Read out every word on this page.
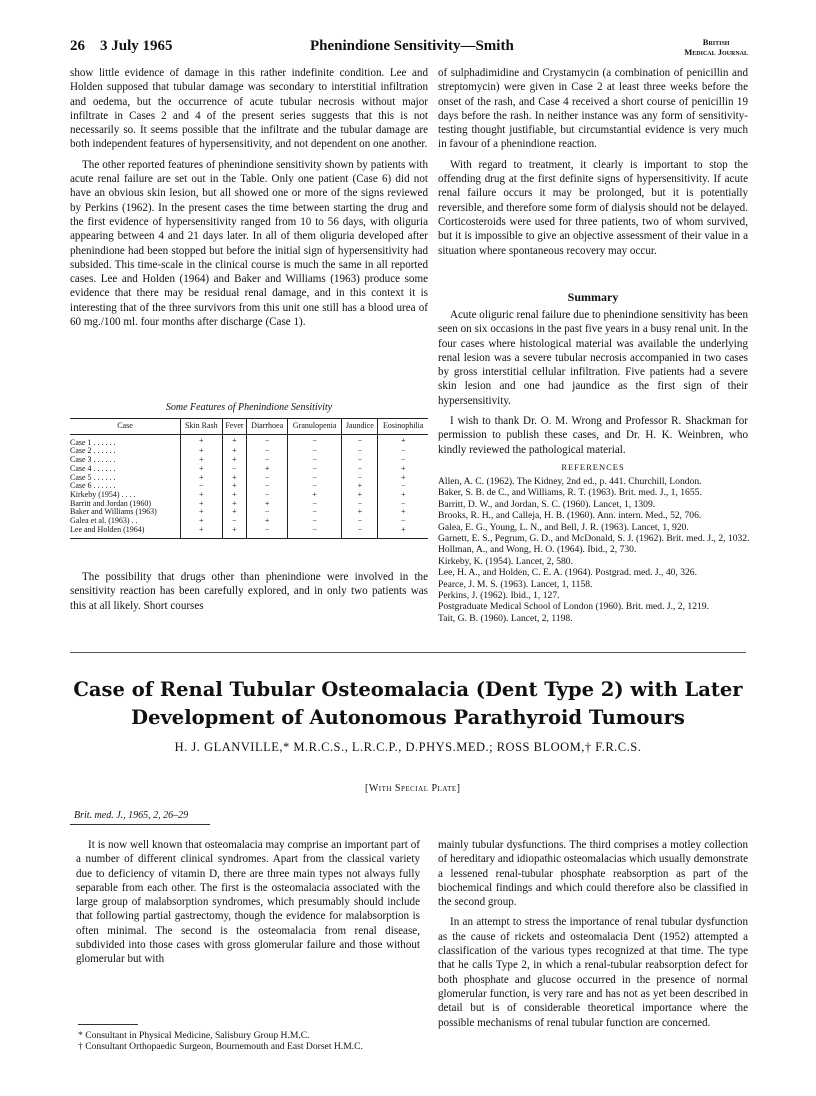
26 3 July 1965	Phenindione Sensitivity—Smith	British
Medical Journal

show little evidence of damage in this rather indefinite condition. Lee and Holden supposed that tubular damage was secondary to interstitial infiltration and oedema, but the occurrence of acute tubular necrosis without major infiltrate in Cases 2 and 4 of the present series suggests that this is not necessarily so. It seems possible that the infiltrate and the tubular damage are both independent features of hypersensitivity, and not dependent on one another.

The other reported features of phenindione sensitivity shown by patients with acute renal failure are set out in the Table. Only one patient (Case 6) did not have an obvious skin lesion, but all showed one or more of the signs reviewed by Perkins (1962). In the present cases the time between starting the drug and the first evidence of hypersensitivity ranged from 10 to 56 days, with oliguria appearing between 4 and 21 days later. In all of them oliguria developed after phenindione had been stopped but before the initial sign of hypersensitivity had subsided. This time-scale in the clinical course is much the same in all reported cases. Lee and Holden (1964) and Baker and Williams (1963) produce some evidence that there may be residual renal damage, and in this context it is interesting that of the three survivors from this unit one still has a blood urea of 60 mg./100 ml. four months after discharge (Case 1).

Some Features of Phenindione Sensitivity
Case	Skin Rash	Fever	Diarrhoea	Granulopenia	Jaundice	Eosinophilia
Case 1 . . . . . .	+	+	−	−	−	+
Case 2 . . . . . .	+	+	−	−	−	−
Case 3 . . . . . .	+	+	−	−	−	−
Case 4 . . . . . .	+	−	+	−	−	+
Case 5 . . . . . .	+	+	−	−	−	+
Case 6 . . . . . .	−	+	−	−	+	−
Kirkeby (1954) . . . .	+	+	−	+	+	+
Barritt and Jordan (1960)	+	+	+	−	−	−
Baker and Williams (1963)	+	+	−	−	+	+
Galea et al. (1963) . .	+	−	+	−	−	−
Lee and Holden (1964)	+	+	−	−	−	+

The possibility that drugs other than phenindione were involved in the sensitivity reaction has been carefully explored, and in only two patients was this at all likely. Short courses

of sulphadimidine and Crystamycin (a combination of penicillin and streptomycin) were given in Case 2 at least three weeks before the onset of the rash, and Case 4 received a short course of penicillin 19 days before the rash. In neither instance was any form of sensitivity-testing thought justifiable, but circumstantial evidence is very much in favour of a phenindione reaction.

With regard to treatment, it clearly is important to stop the offending drug at the first definite signs of hypersensitivity. If acute renal failure occurs it may be prolonged, but it is potentially reversible, and therefore some form of dialysis should not be delayed. Corticosteroids were used for three patients, two of whom survived, but it is impossible to give an objective assessment of their value in a situation where spontaneous recovery may occur.

Summary

Acute oliguric renal failure due to phenindione sensitivity has been seen on six occasions in the past five years in a busy renal unit. In the four cases where histological material was available the underlying renal lesion was a severe tubular necrosis accompanied in two cases by gross interstitial cellular infiltration. Five patients had a severe skin lesion and one had jaundice as the first sign of their hypersensitivity.

I wish to thank Dr. O. M. Wrong and Professor R. Shackman for permission to publish these cases, and Dr. H. K. Weinbren, who kindly reviewed the pathological material.

REFERENCES
Allen, A. C. (1962). The Kidney, 2nd ed., p. 441. Churchill, London.
Baker, S. B. de C., and Williams, R. T. (1963). Brit. med. J., 1, 1655.
Barritt, D. W., and Jordan, S. C. (1960). Lancet, 1, 1309.
Brooks, R. H., and Calleja, H. B. (1960). Ann. intern. Med., 52, 706.
Galea, E. G., Young, L. N., and Bell, J. R. (1963). Lancet, 1, 920.
Garnett, E. S., Pegrum, G. D., and McDonald, S. J. (1962). Brit. med. J., 2, 1032.
Hollman, A., and Wong, H. O. (1964). Ibid., 2, 730.
Kirkeby, K. (1954). Lancet, 2, 580.
Lee, H. A., and Holden, C. E. A. (1964). Postgrad. med. J., 40, 326.
Pearce, J. M. S. (1963). Lancet, 1, 1158.
Perkins, J. (1962). Ibid., 1, 127.
Postgraduate Medical School of London (1960). Brit. med. J., 2, 1219.
Tait, G. B. (1960). Lancet, 2, 1198.
Case of Renal Tubular Osteomalacia (Dent Type 2) with Later Development of Autonomous Parathyroid Tumours
H. J. GLANVILLE,* M.R.C.S., L.R.C.P., D.PHYS.MED.; ROSS BLOOM,† F.R.C.S.
[With Special Plate]
Brit. med. J., 1965, 2, 26–29

It is now well known that osteomalacia may comprise an important part of a number of different clinical syndromes. Apart from the classical variety due to deficiency of vitamin D, there are three main types not always fully separable from each other. The first is the osteomalacia associated with the large group of malabsorption syndromes, which presumably should include that following partial gastrectomy, though the evidence for malabsorption is often minimal. The second is the osteomalacia from renal disease, subdivided into those cases with gross glomerular failure and those without glomerular but with

mainly tubular dysfunctions. The third comprises a motley collection of hereditary and idiopathic osteomalacias which usually demonstrate a lessened renal-tubular phosphate reabsorption as part of the biochemical findings and which could therefore also be classified in the second group.

In an attempt to stress the importance of renal tubular dysfunction as the cause of rickets and osteomalacia Dent (1952) attempted a classification of the various types recognized at that time. The type that he calls Type 2, in which a renal-tubular reabsorption defect for both phosphate and glucose occurred in the presence of normal glomerular function, is very rare and has not as yet been described in detail but is of considerable theoretical importance where the possible mechanisms of renal tubular function are concerned.

* Consultant in Physical Medicine, Salisbury Group H.M.C.
† Consultant Orthopaedic Surgeon, Bournemouth and East Dorset H.M.C.
